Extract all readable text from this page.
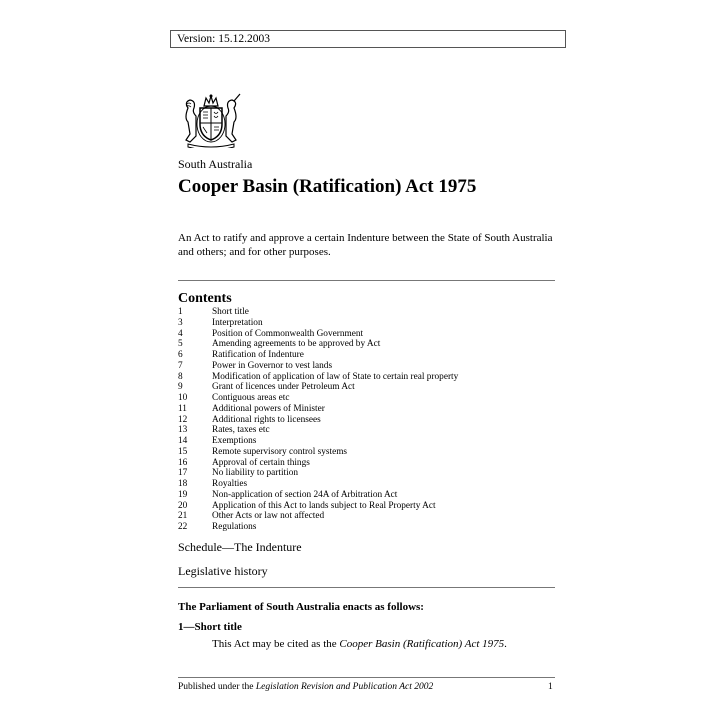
Version: 15.12.2003
South Australia
Cooper Basin (Ratification) Act 1975
An Act to ratify and approve a certain Indenture between the State of South Australia and others; and for other purposes.
Contents
1	Short title
3	Interpretation
4	Position of Commonwealth Government
5	Amending agreements to be approved by Act
6	Ratification of Indenture
7	Power in Governor to vest lands
8	Modification of application of law of State to certain real property
9	Grant of licences under Petroleum Act
10	Contiguous areas etc
11	Additional powers of Minister
12	Additional rights to licensees
13	Rates, taxes etc
14	Exemptions
15	Remote supervisory control systems
16	Approval of certain things
17	No liability to partition
18	Royalties
19	Non-application of section 24A of Arbitration Act
20	Application of this Act to lands subject to Real Property Act
21	Other Acts or law not affected
22	Regulations
Schedule—The Indenture
Legislative history
The Parliament of South Australia enacts as follows:
1—Short title
This Act may be cited as the Cooper Basin (Ratification) Act 1975.
Published under the Legislation Revision and Publication Act 2002	1
